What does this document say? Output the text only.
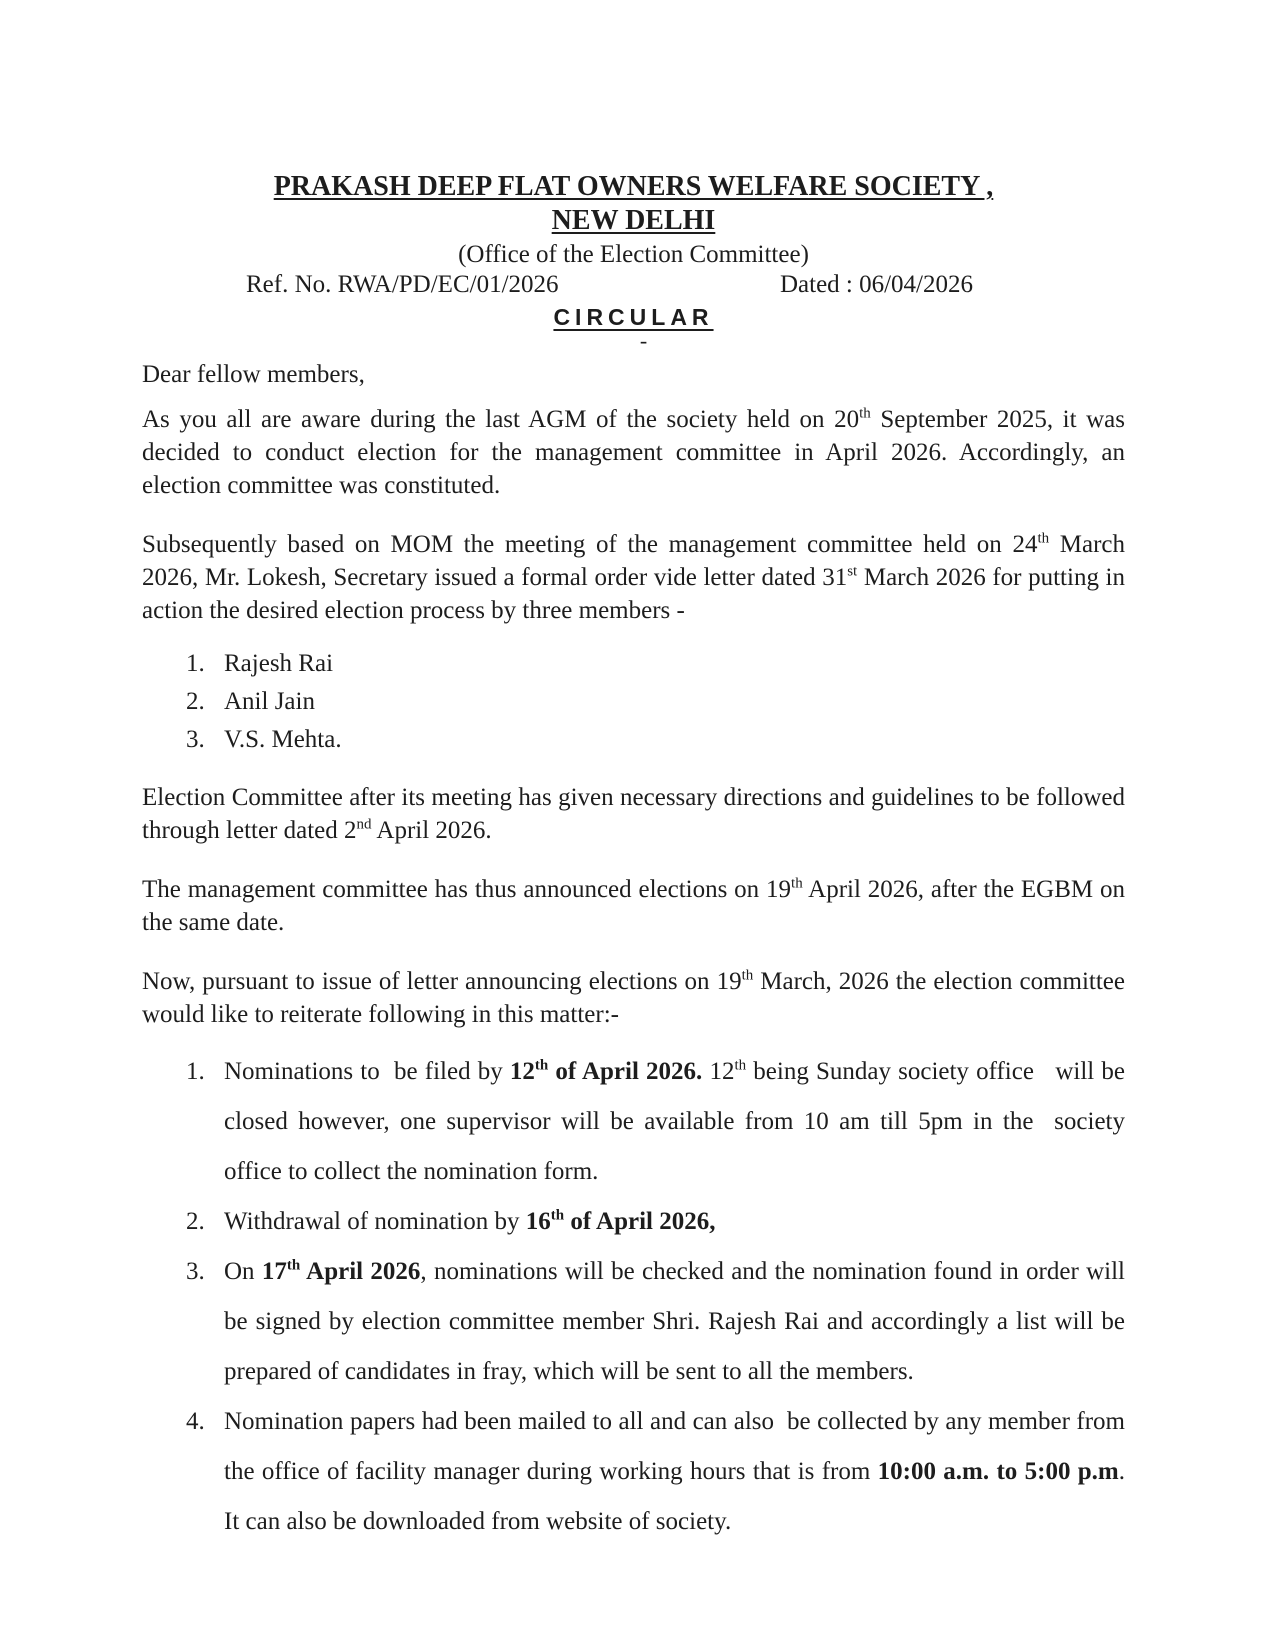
PRAKASH DEEP FLAT OWNERS WELFARE SOCIETY ,
NEW DELHI
(Office of the Election Committee)
Ref. No. RWA/PD/EC/01/2026	Dated : 06/04/2026
CIRCULAR
-

Dear fellow members,

As you all are aware during the last AGM of the society held on 20th September 2025, it was decided to conduct election for the management committee in April 2026. Accordingly, an election committee was constituted.

Subsequently based on MOM the meeting of the management committee held on 24th March 2026, Mr. Lokesh, Secretary issued a formal order vide letter dated 31st March 2026 for putting in action the desired election process by three members -

Rajesh Rai
Anil Jain
V.S. Mehta.

Election Committee after its meeting has given necessary directions and guidelines to be followed through letter dated 2nd April 2026.

The management committee has thus announced elections on 19th April 2026, after the EGBM on the same date.

Now, pursuant to issue of letter announcing elections on 19th March, 2026 the election committee would like to reiterate following in this matter:-

Nominations to  be filed by 12th of April 2026. 12th being Sunday society office   will be closed however, one supervisor will be available from 10 am till 5pm in the  society office to collect the nomination form.
Withdrawal of nomination by 16th of April 2026,
On 17th April 2026, nominations will be checked and the nomination found in order will be signed by election committee member Shri. Rajesh Rai and accordingly a list will be prepared of candidates in fray, which will be sent to all the members.
Nomination papers had been mailed to all and can also  be collected by any member from the office of facility manager during working hours that is from 10:00 a.m. to 5:00 p.m. It can also be downloaded from website of society.
